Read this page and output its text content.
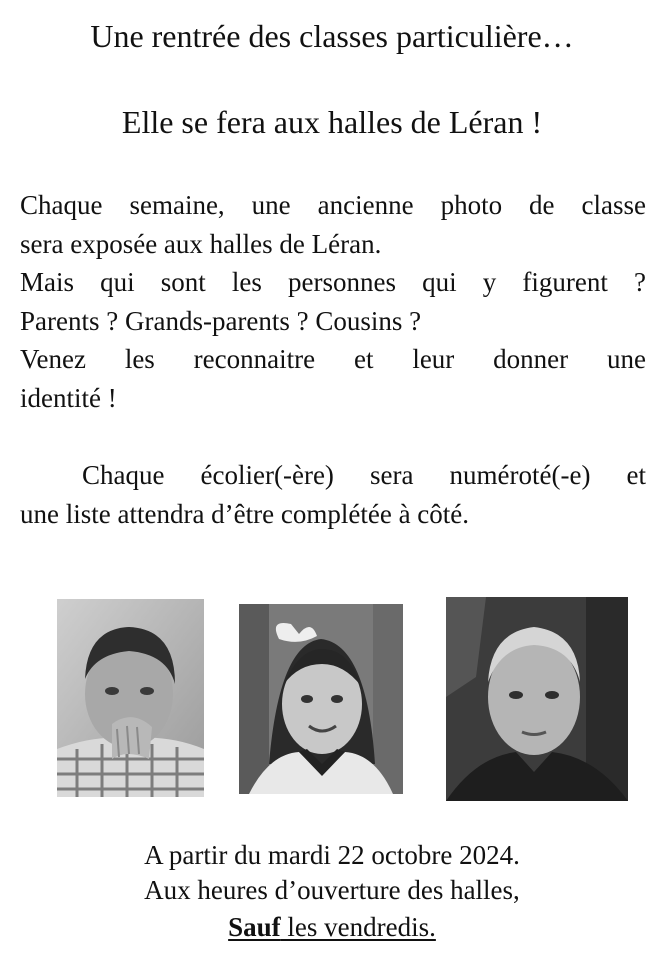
Une rentrée des classes particulière…
Elle se fera aux halles de Léran !

Chaque semaine, une ancienne photo de classe
sera exposée aux halles de Léran.
Mais qui sont les personnes qui y figurent ?
Parents ? Grands-parents ? Cousins ?
Venez les reconnaitre et leur donner une
identité !

Chaque écolier(-ère) sera numéroté(-e) et
une liste attendra d’être complétée à côté.

A partir du mardi 22 octobre 2024.
Aux heures d’ouverture des halles,
Sauf les vendredis.
